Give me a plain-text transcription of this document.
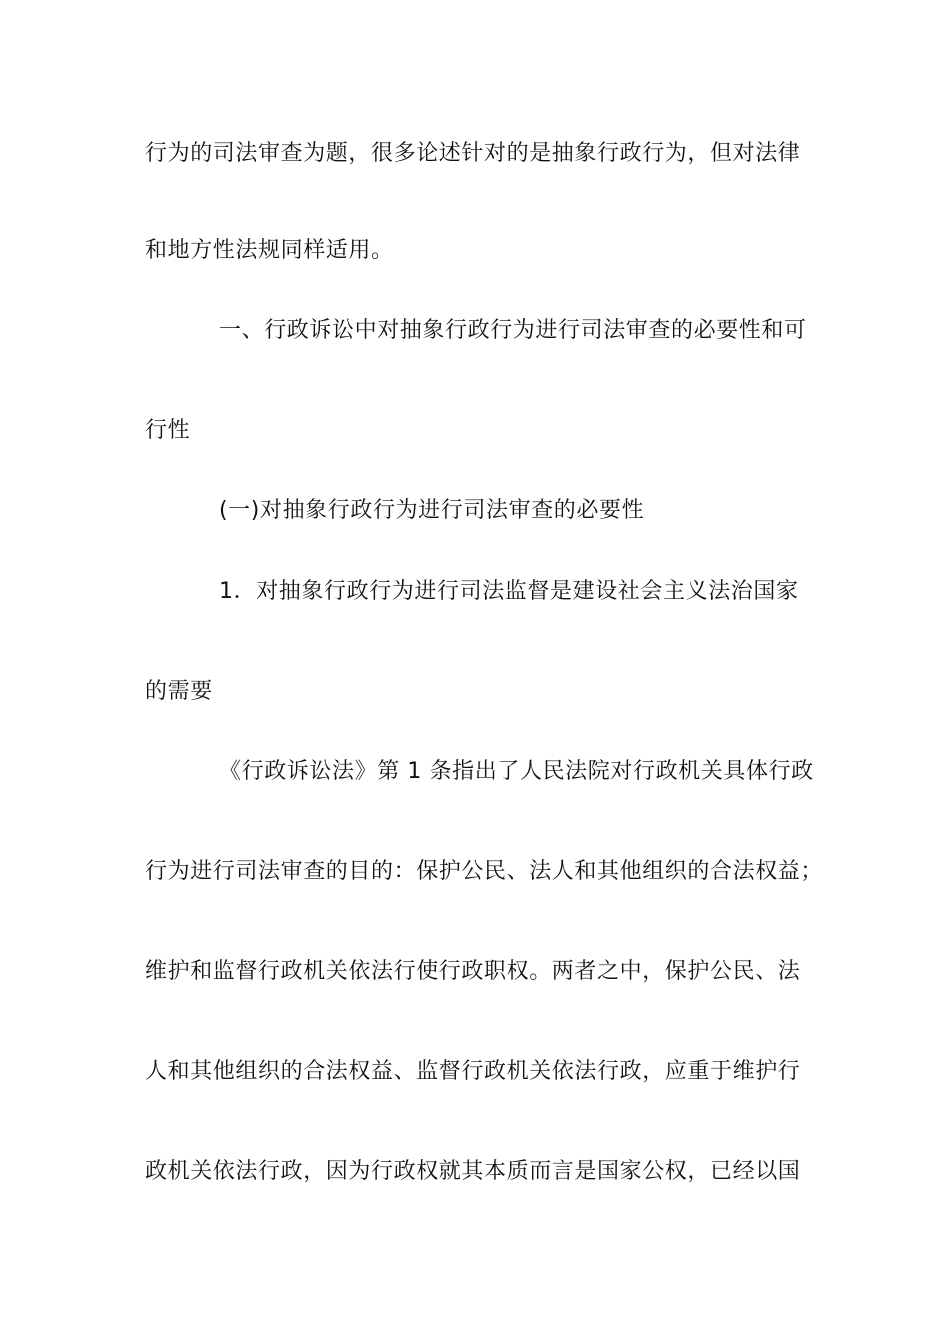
行为的司法审查为题，很多论述针对的是抽象行政行为，但对法律
和地方性法规同样适用。
一、行政诉讼中对抽象行政行为进行司法审查的必要性和可
行性
(一)对抽象行政行为进行司法审查的必要性
1．对抽象行政行为进行司法监督是建设社会主义法治国家
的需要
《行政诉讼法》第 1 条指出了人民法院对行政机关具体行政
行为进行司法审查的目的：保护公民、法人和其他组织的合法权益；
维护和监督行政机关依法行使行政职权。两者之中，保护公民、法
人和其他组织的合法权益、监督行政机关依法行政，应重于维护行
政机关依法行政，因为行政权就其本质而言是国家公权，已经以国
